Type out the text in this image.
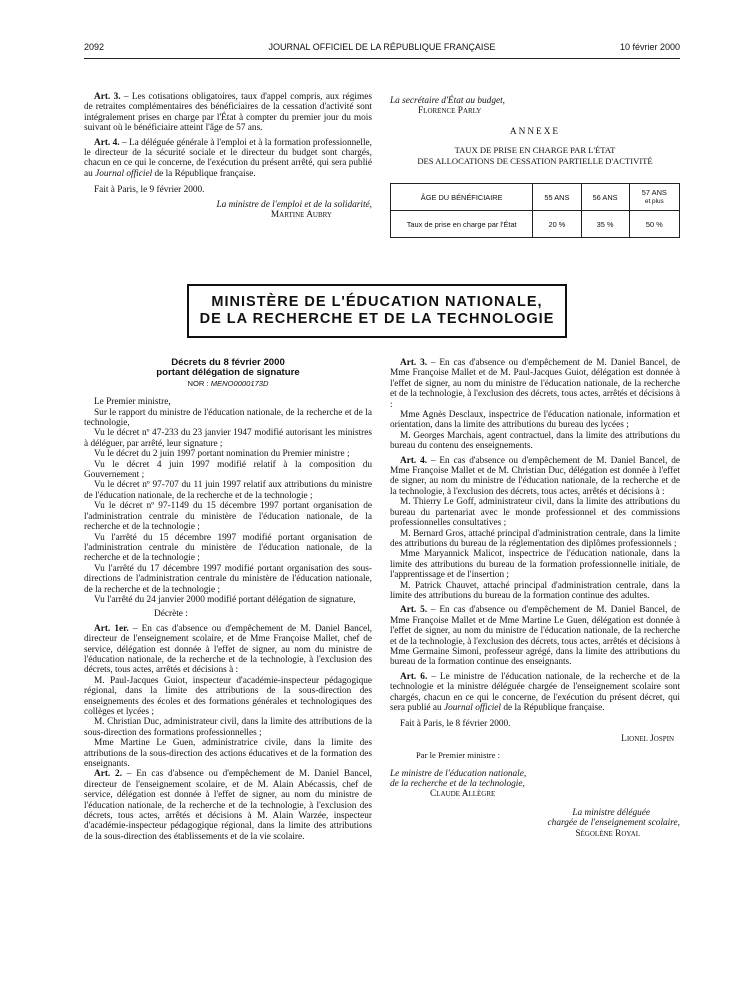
2092	JOURNAL OFFICIEL DE LA RÉPUBLIQUE FRANÇAISE	10 février 2000

Art. 3. – Les cotisations obligatoires, taux d'appel compris, aux régimes de retraites complémentaires des bénéficiaires de la cessation d'activité sont intégralement prises en charge par l'État à compter du premier jour du mois suivant où le bénéficiaire atteint l'âge de 57 ans.

Art. 4. – La déléguée générale à l'emploi et à la formation professionnelle, le directeur de la sécurité sociale et le directeur du budget sont chargés, chacun en ce qui le concerne, de l'exécution du présent arrêté, qui sera publié au Journal officiel de la République française.

Fait à Paris, le 9 février 2000.

La ministre de l'emploi et de la solidarité,
Martine Aubry
La secrétaire d'État au budget,
Florence Parly
ANNEXE
TAUX DE PRISE EN CHARGE PAR L'ÉTAT
DES ALLOCATIONS DE CESSATION PARTIELLE D'ACTIVITÉ
ÂGE DU BÉNÉFICIAIRE	55 ANS	56 ANS	57 ANS
et plus
Taux de prise en charge par l'État	20 %	35 %	50 %
MINISTÈRE DE L'ÉDUCATION NATIONALE,
DE LA RECHERCHE ET DE LA TECHNOLOGIE
Décrets du 8 février 2000
portant délégation de signature
NOR : MENO0000173D

Le Premier ministre,

Sur le rapport du ministre de l'éducation nationale, de la recherche et de la technologie,

Vu le décret nº 47-233 du 23 janvier 1947 modifié autorisant les ministres à déléguer, par arrêté, leur signature ;

Vu le décret du 2 juin 1997 portant nomination du Premier ministre ;

Vu le décret 4 juin 1997 modifié relatif à la composition du Gouvernement ;

Vu le décret nº 97-707 du 11 juin 1997 relatif aux attributions du ministre de l'éducation nationale, de la recherche et de la technologie ;

Vu le décret nº 97-1149 du 15 décembre 1997 portant organisation de l'administration centrale du ministère de l'éducation nationale, de la recherche et de la technologie ;

Vu l'arrêté du 15 décembre 1997 modifié portant organisation de l'administration centrale du ministère de l'éducation nationale, de la recherche et de la technologie ;

Vu l'arrêté du 17 décembre 1997 modifié portant organisation des sous-directions de l'administration centrale du ministère de l'éducation nationale, de la recherche et de la technologie ;

Vu l'arrêté du 24 janvier 2000 modifié portant délégation de signature,

Décrète :

Art. 1er. – En cas d'absence ou d'empêchement de M. Daniel Bancel, directeur de l'enseignement scolaire, et de Mme Françoise Mallet, chef de service, délégation est donnée à l'effet de signer, au nom du ministre de l'éducation nationale, de la recherche et de la technologie, à l'exclusion des décrets, tous actes, arrêtés et décisions à :

M. Paul-Jacques Guiot, inspecteur d'académie-inspecteur pédagogique régional, dans la limite des attributions de la sous-direction des enseignements des écoles et des formations générales et technologiques des collèges et lycées ;

M. Christian Duc, administrateur civil, dans la limite des attributions de la sous-direction des formations professionnelles ;

Mme Martine Le Guen, administratrice civile, dans la limite des attributions de la sous-direction des actions éducatives et de la formation des enseignants.

Art. 2. – En cas d'absence ou d'empêchement de M. Daniel Bancel, directeur de l'enseignement scolaire, et de M. Alain Abécassis, chef de service, délégation est donnée à l'effet de signer, au nom du ministre de l'éducation nationale, de la recherche et de la technologie, à l'exclusion des décrets, tous actes, arrêtés et décisions à M. Alain Warzée, inspecteur d'académie-inspecteur pédagogique régional, dans la limite des attributions de la sous-direction des établissements et de la vie scolaire.

Art. 3. – En cas d'absence ou d'empêchement de M. Daniel Bancel, de Mme Françoise Mallet et de M. Paul-Jacques Guiot, délégation est donnée à l'effet de signer, au nom du ministre de l'éducation nationale, de la recherche et de la technologie, à l'exclusion des décrets, tous actes, arrêtés et décisions à :

Mme Agnès Desclaux, inspectrice de l'éducation nationale, information et orientation, dans la limite des attributions du bureau des lycées ;

M. Georges Marchais, agent contractuel, dans la limite des attributions du bureau du contenu des enseignements.

Art. 4. – En cas d'absence ou d'empêchement de M. Daniel Bancel, de Mme Françoise Mallet et de M. Christian Duc, délégation est donnée à l'effet de signer, au nom du ministre de l'éducation nationale, de la recherche et de la technologie, à l'exclusion des décrets, tous actes, arrêtés et décisions à :

M. Thierry Le Goff, administrateur civil, dans la limite des attributions du bureau du partenariat avec le monde professionnel et des commissions professionnelles consultatives ;

M. Bernard Gros, attaché principal d'administration centrale, dans la limite des attributions du bureau de la réglementation des diplômes professionnels ;

Mme Maryannick Malicot, inspectrice de l'éducation nationale, dans la limite des attributions du bureau de la formation professionnelle initiale, de l'apprentissage et de l'insertion ;

M. Patrick Chauvet, attaché principal d'administration centrale, dans la limite des attributions du bureau de la formation continue des adultes.

Art. 5. – En cas d'absence ou d'empêchement de M. Daniel Bancel, de Mme Françoise Mallet et de Mme Martine Le Guen, délégation est donnée à l'effet de signer, au nom du ministre de l'éducation nationale, de la recherche et de la technologie, à l'exclusion des décrets, tous actes, arrêtés et décisions à Mme Germaine Simoni, professeur agrégé, dans la limite des attributions du bureau de la formation continue des enseignants.

Art. 6. – Le ministre de l'éducation nationale, de la recherche et de la technologie et la ministre déléguée chargée de l'enseignement scolaire sont chargés, chacun en ce qui le concerne, de l'exécution du présent décret, qui sera publié au Journal officiel de la République française.

Fait à Paris, le 8 février 2000.

Lionel Jospin
Par le Premier ministre :
Le ministre de l'éducation nationale,
de la recherche et de la technologie,
Claude Allègre
La ministre déléguée
chargée de l'enseignement scolaire,
Ségolène Royal
